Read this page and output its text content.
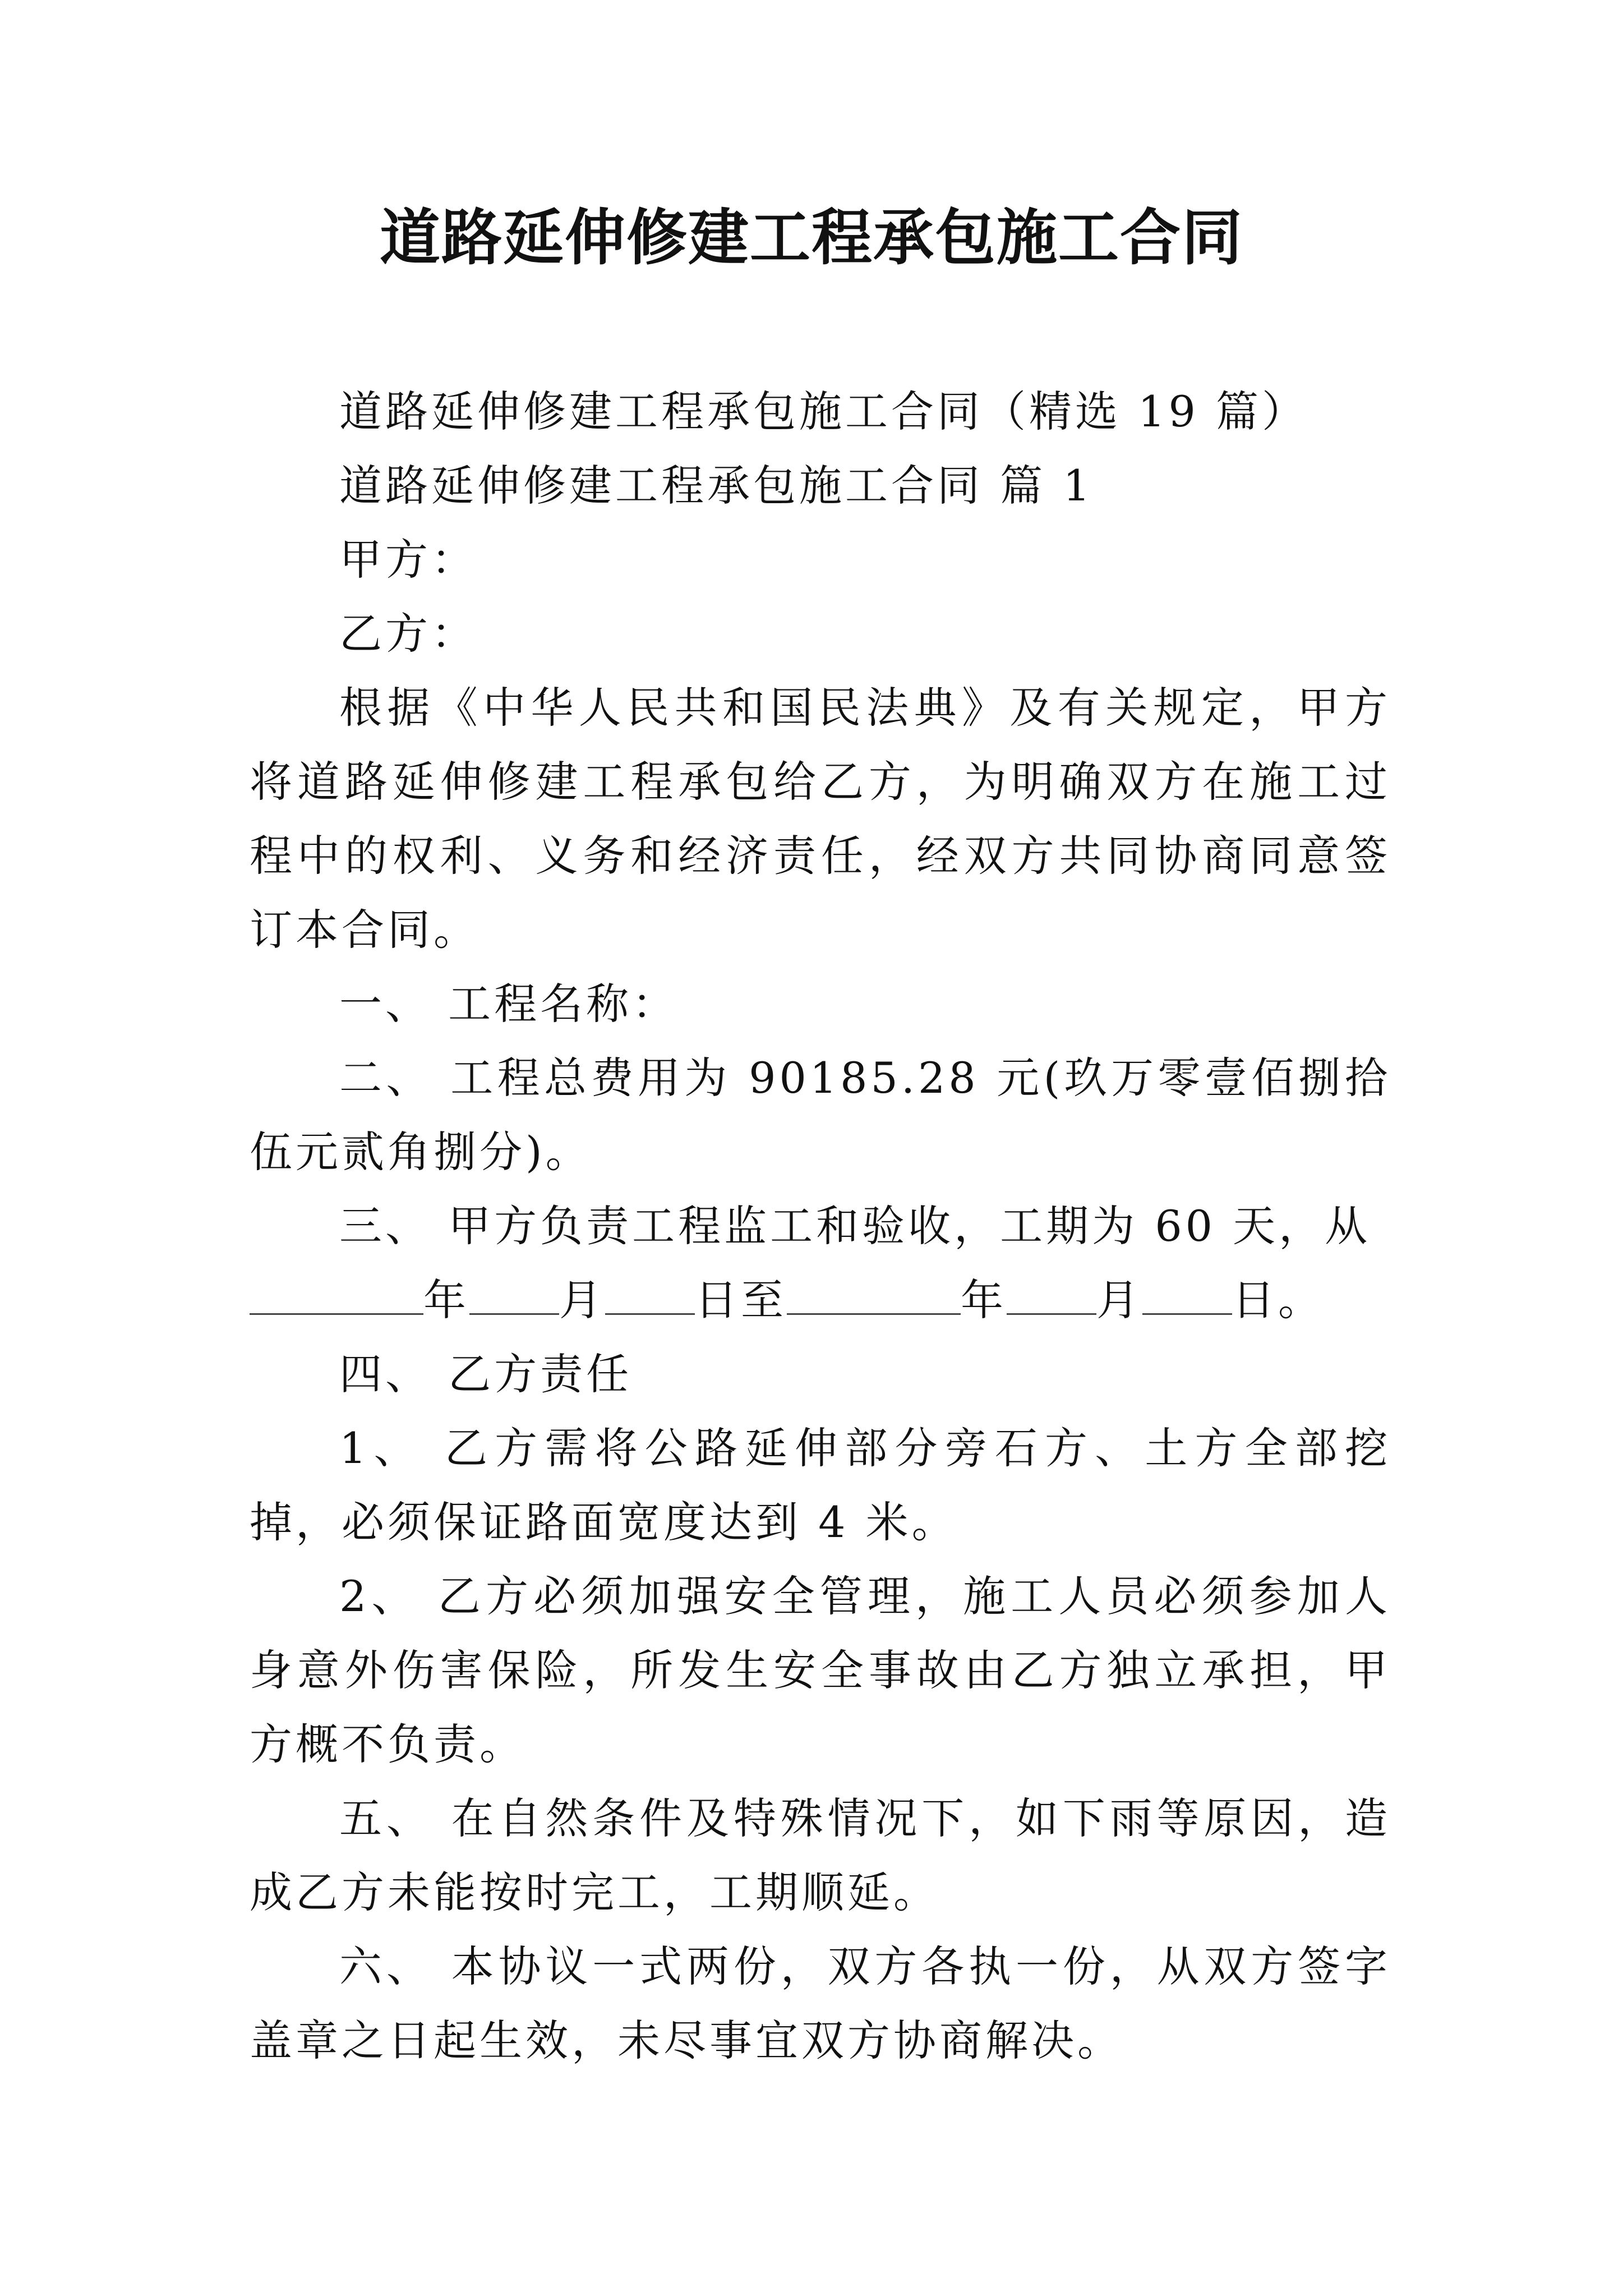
道路延伸修建工程承包施工合同

道路延伸修建工程承包施工合同（精选 19 篇）

道路延伸修建工程承包施工合同 篇 1

甲方：

乙方：

根据《中华人民共和国民法典》及有关规定，甲方将道路延伸修建工程承包给乙方，为明确双方在施工过程中的权利、义务和经济责任，经双方共同协商同意签订本合同。

一、 工程名称：

二、 工程总费用为 90185.28 元(玖万零壹佰捌拾伍元贰角捌分)。

三、 甲方负责工程监工和验收，工期为 60 天，从
年 月 日至	年 月 日。

四、 乙方责任

1、 乙方需将公路延伸部分旁石方、土方全部挖掉，必须保证路面宽度达到 4 米。

2、 乙方必须加强安全管理，施工人员必须参加人身意外伤害保险，所发生安全事故由乙方独立承担，甲方概不负责。

五、 在自然条件及特殊情况下，如下雨等原因，造成乙方未能按时完工，工期顺延。

六、 本协议一式两份，双方各执一份，从双方签字盖章之日起生效，未尽事宜双方协商解决。
